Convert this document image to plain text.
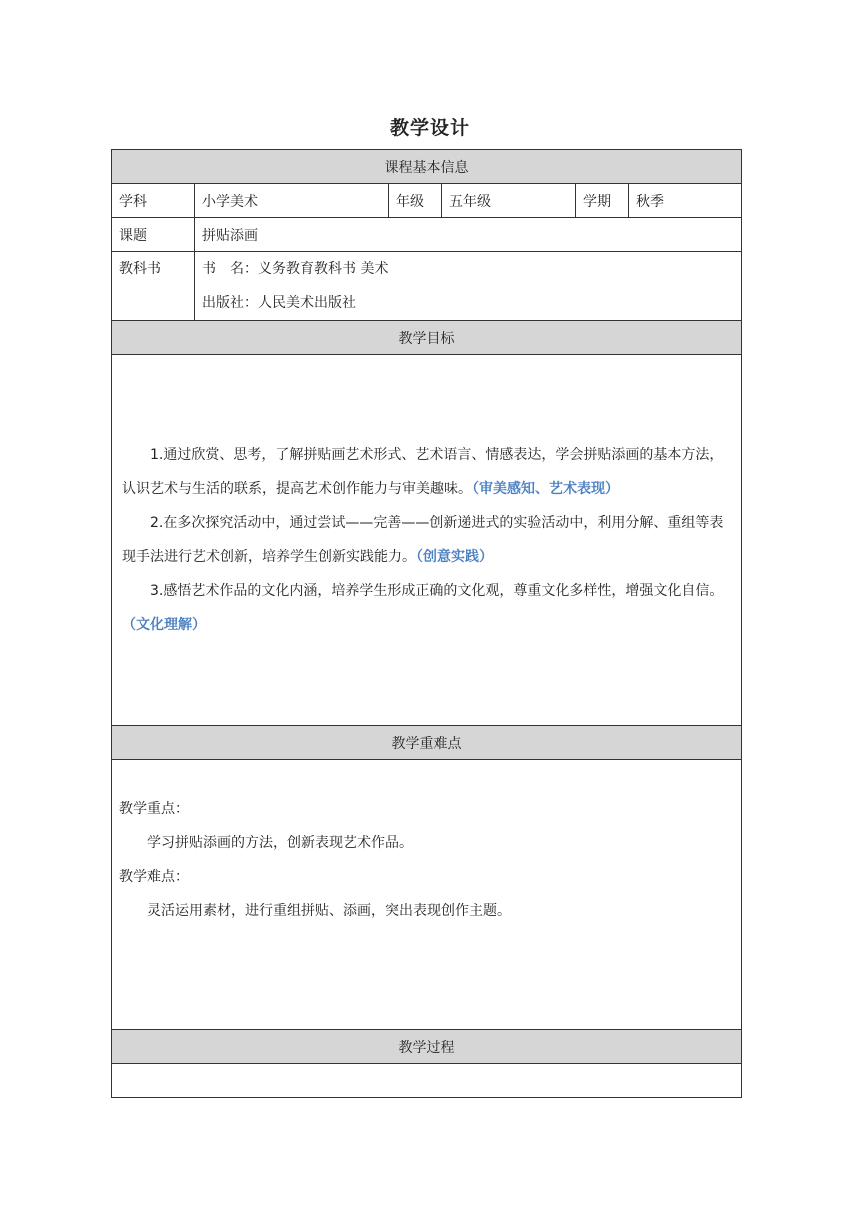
教学设计
课程基本信息					
学科	小学美术	年级	五年级	学期	秋季
课题	拼贴添画				
教科书	书　名：义务教育教科书 美术
出版社：人民美术出版社				

教学目标					

1.通过欣赏、思考，了解拼贴画艺术形式、艺术语言、情感表达，学会拼贴添画的基本方法，认识艺术与生活的联系，提高艺术创作能力与审美趣味。（审美感知、艺术表现）

2.在多次探究活动中，通过尝试——完善——创新递进式的实验活动中，利用分解、重组等表现手法进行艺术创新，培养学生创新实践能力。（创意实践）

3.感悟艺术作品的文化内涵，培养学生形成正确的文化观，尊重文化多样性，增强文化自信。（文化理解）					

教学重难点					

教学重点：

学习拼贴添画的方法，创新表现艺术作品。

教学难点：

灵活运用素材，进行重组拼贴、添画，突出表现创作主题。					

教学过程					
